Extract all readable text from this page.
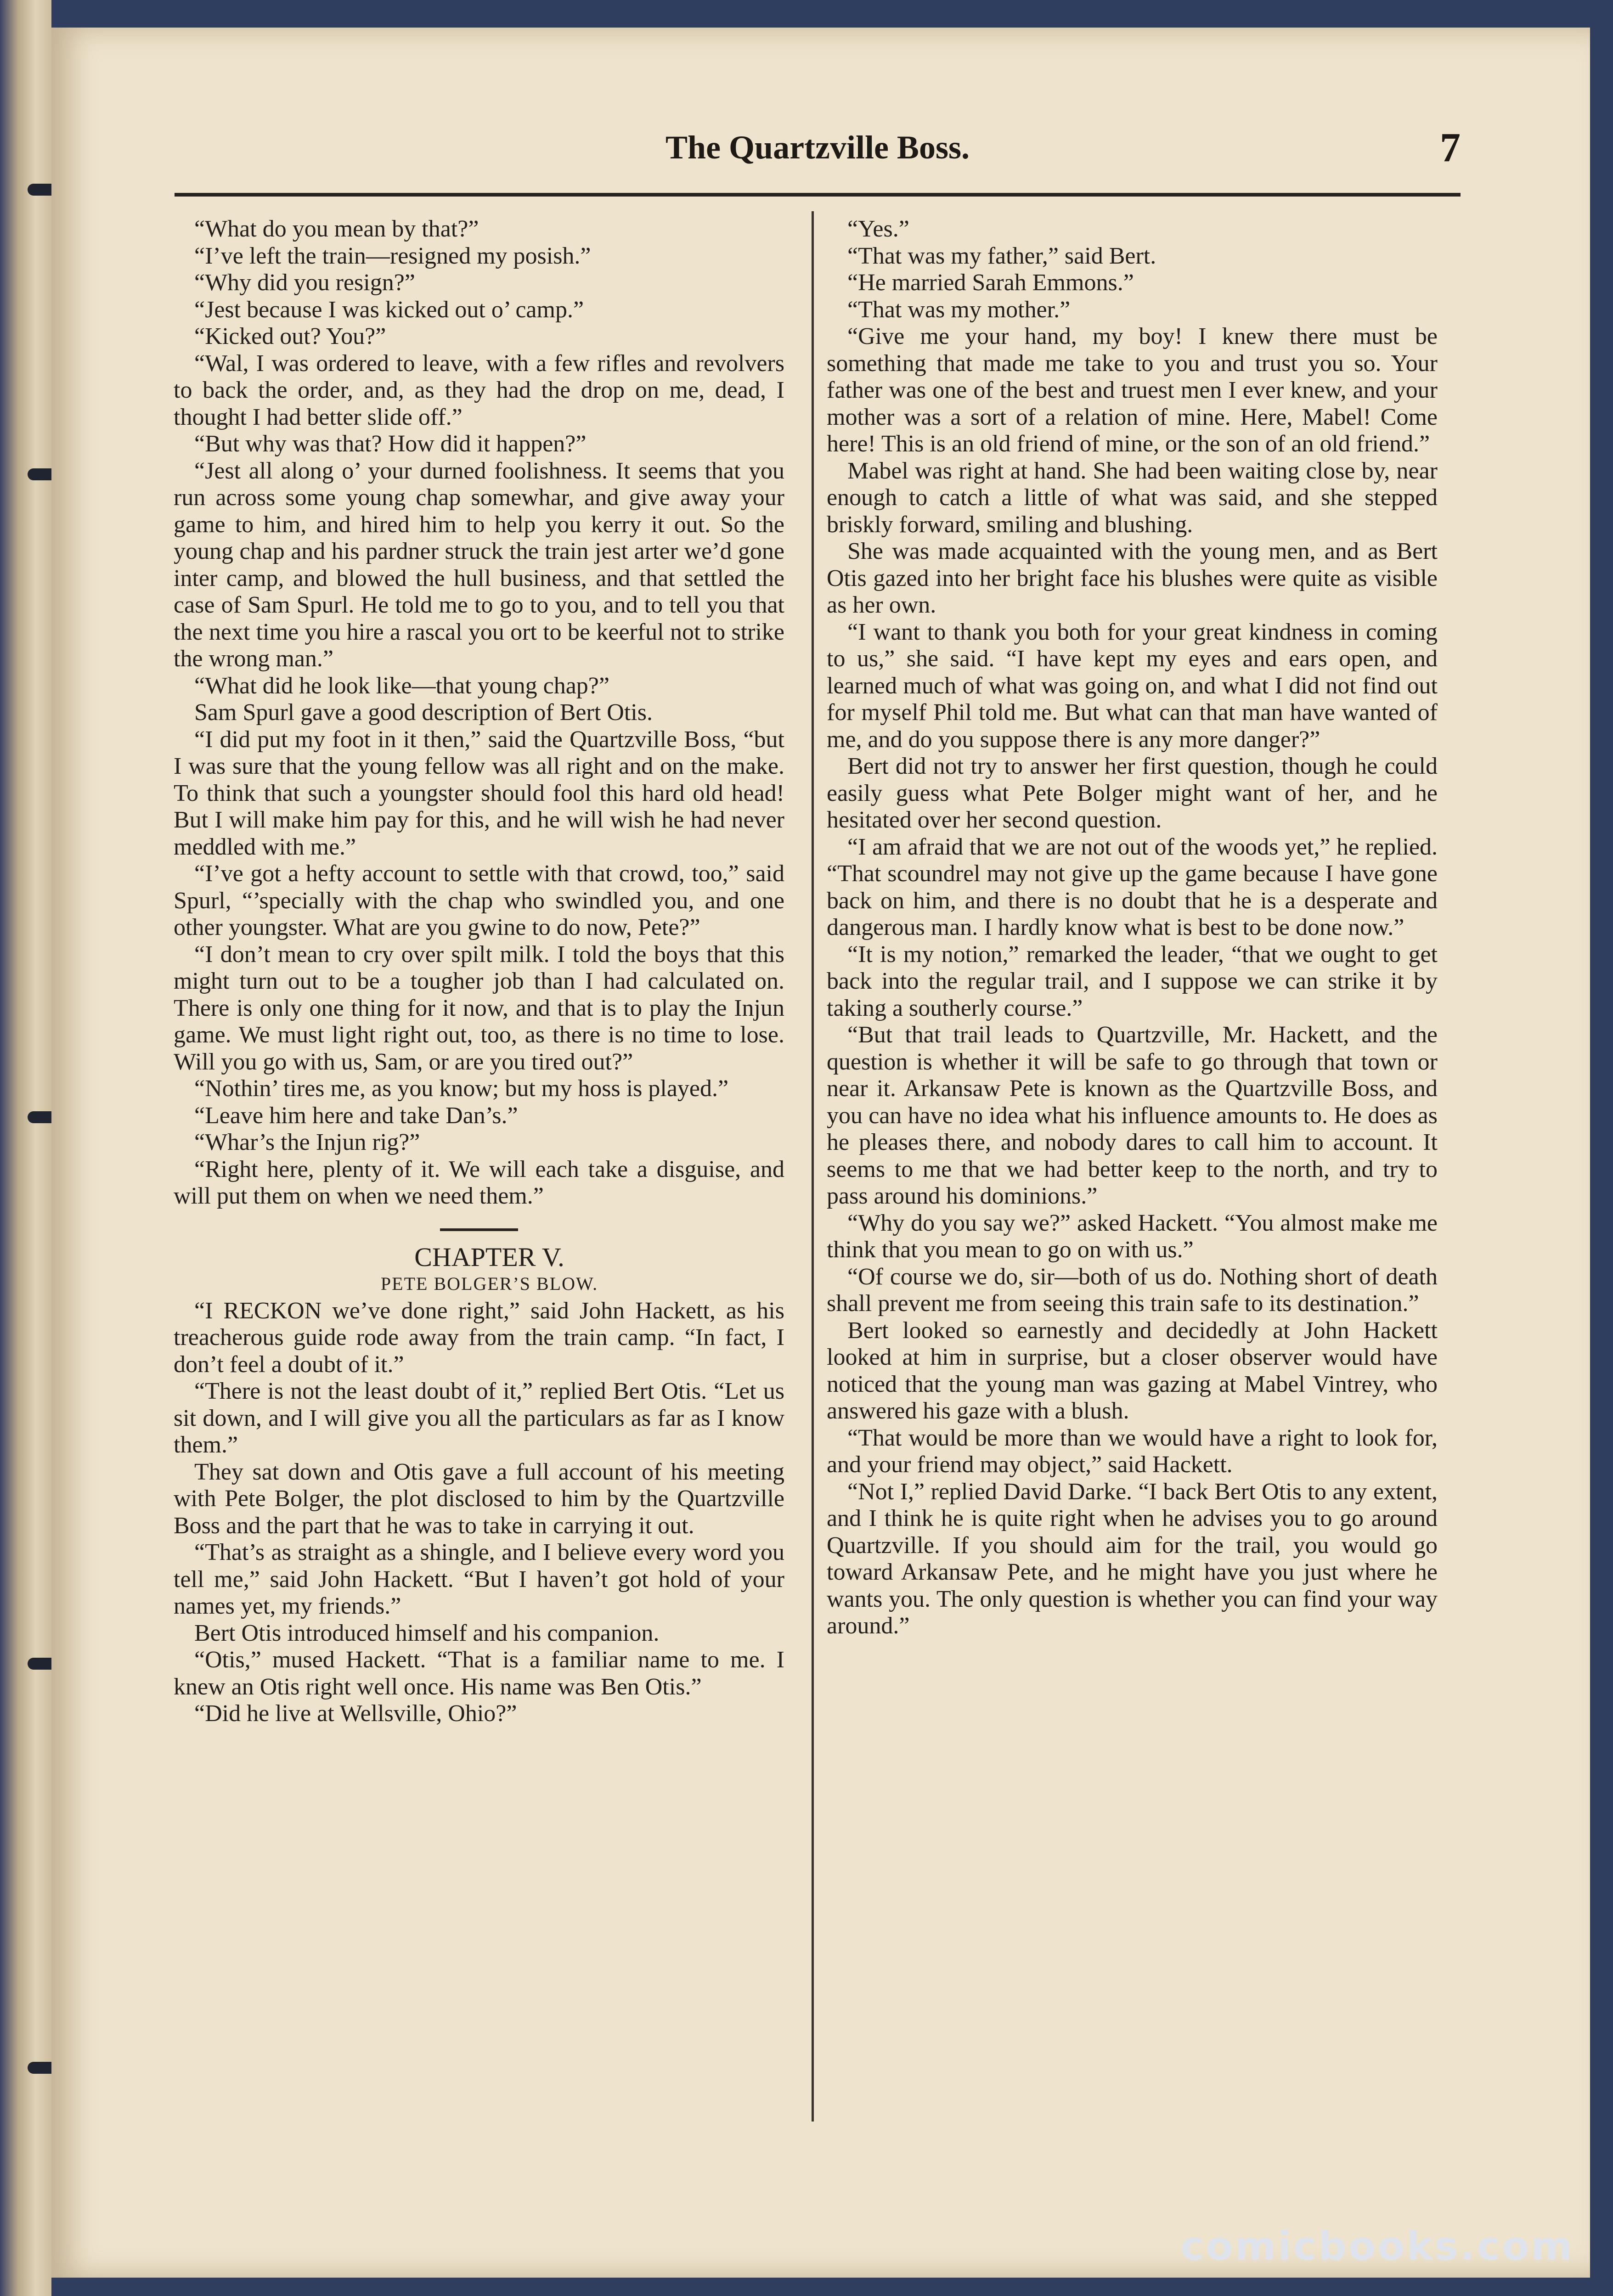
The Quartzville Boss.	7

“What do you mean by that?”

“I’ve left the train—resigned my posish.”

“Why did you resign?”

“Jest because I was kicked out o’ camp.”

“Kicked out? You?”

“Wal, I was ordered to leave, with a few rifles and revolvers to back the order, and, as they had the drop on me, dead, I thought I had better slide off.”

“But why was that? How did it happen?”

“Jest all along o’ your durned foolishness. It seems that you run across some young chap somewhar, and give away your game to him, and hired him to help you kerry it out. So the young chap and his pardner struck the train jest arter we’d gone inter camp, and blowed the hull business, and that settled the case of Sam Spurl. He told me to go to you, and to tell you that the next time you hire a rascal you ort to be keerful not to strike the wrong man.”

“What did he look like—that young chap?”

Sam Spurl gave a good description of Bert Otis.

“I did put my foot in it then,” said the Quartzville Boss, “but I was sure that the young fellow was all right and on the make. To think that such a youngster should fool this hard old head! But I will make him pay for this, and he will wish he had never meddled with me.”

“I’ve got a hefty account to settle with that crowd, too,” said Spurl, “’specially with the chap who swindled you, and one other youngster. What are you gwine to do now, Pete?”

“I don’t mean to cry over spilt milk. I told the boys that this might turn out to be a tougher job than I had calculated on. There is only one thing for it now, and that is to play the Injun game. We must light right out, too, as there is no time to lose. Will you go with us, Sam, or are you tired out?”

“Nothin’ tires me, as you know; but my hoss is played.”

“Leave him here and take Dan’s.”

“Whar’s the Injun rig?”

“Right here, plenty of it. We will each take a disguise, and will put them on when we need them.”

CHAPTER V.

PETE BOLGER’S BLOW.

“I RECKON we’ve done right,” said John Hackett, as his treacherous guide rode away from the train camp. “In fact, I don’t feel a doubt of it.”

“There is not the least doubt of it,” replied Bert Otis. “Let us sit down, and I will give you all the particulars as far as I know them.”

They sat down and Otis gave a full account of his meeting with Pete Bolger, the plot disclosed to him by the Quartzville Boss and the part that he was to take in carrying it out.

“That’s as straight as a shingle, and I believe every word you tell me,” said John Hackett. “But I haven’t got hold of your names yet, my friends.”

Bert Otis introduced himself and his companion.

“Otis,” mused Hackett. “That is a familiar name to me. I knew an Otis right well once. His name was Ben Otis.”

“Did he live at Wellsville, Ohio?”

“Yes.”

“That was my father,” said Bert.

“He married Sarah Emmons.”

“That was my mother.”

“Give me your hand, my boy! I knew there must be something that made me take to you and trust you so. Your father was one of the best and truest men I ever knew, and your mother was a sort of a relation of mine. Here, Mabel! Come here! This is an old friend of mine, or the son of an old friend.”

Mabel was right at hand. She had been waiting close by, near enough to catch a little of what was said, and she stepped briskly forward, smiling and blushing.

She was made acquainted with the young men, and as Bert Otis gazed into her bright face his blushes were quite as visible as her own.

“I want to thank you both for your great kindness in coming to us,” she said. “I have kept my eyes and ears open, and learned much of what was going on, and what I did not find out for myself Phil told me. But what can that man have wanted of me, and do you suppose there is any more danger?”

Bert did not try to answer her first question, though he could easily guess what Pete Bolger might want of her, and he hesitated over her second question.

“I am afraid that we are not out of the woods yet,” he replied. “That scoundrel may not give up the game because I have gone back on him, and there is no doubt that he is a desperate and dangerous man. I hardly know what is best to be done now.”

“It is my notion,” remarked the leader, “that we ought to get back into the regular trail, and I suppose we can strike it by taking a southerly course.”

“But that trail leads to Quartzville, Mr. Hackett, and the question is whether it will be safe to go through that town or near it. Arkansaw Pete is known as the Quartzville Boss, and you can have no idea what his influence amounts to. He does as he pleases there, and nobody dares to call him to account. It seems to me that we had better keep to the north, and try to pass around his dominions.”

“Why do you say we?” asked Hackett. “You almost make me think that you mean to go on with us.”

“Of course we do, sir—both of us do. Nothing short of death shall prevent me from seeing this train safe to its destination.”

Bert looked so earnestly and decidedly at John Hackett looked at him in surprise, but a closer observer would have noticed that the young man was gazing at Mabel Vintrey, who answered his gaze with a blush.

“That would be more than we would have a right to look for, and your friend may object,” said Hackett.

“Not I,” replied David Darke. “I back Bert Otis to any extent, and I think he is quite right when he advises you to go around Quartzville. If you should aim for the trail, you would go toward Arkansaw Pete, and he might have you just where he wants you. The only question is whether you can find your way around.”

comicbooks.com
